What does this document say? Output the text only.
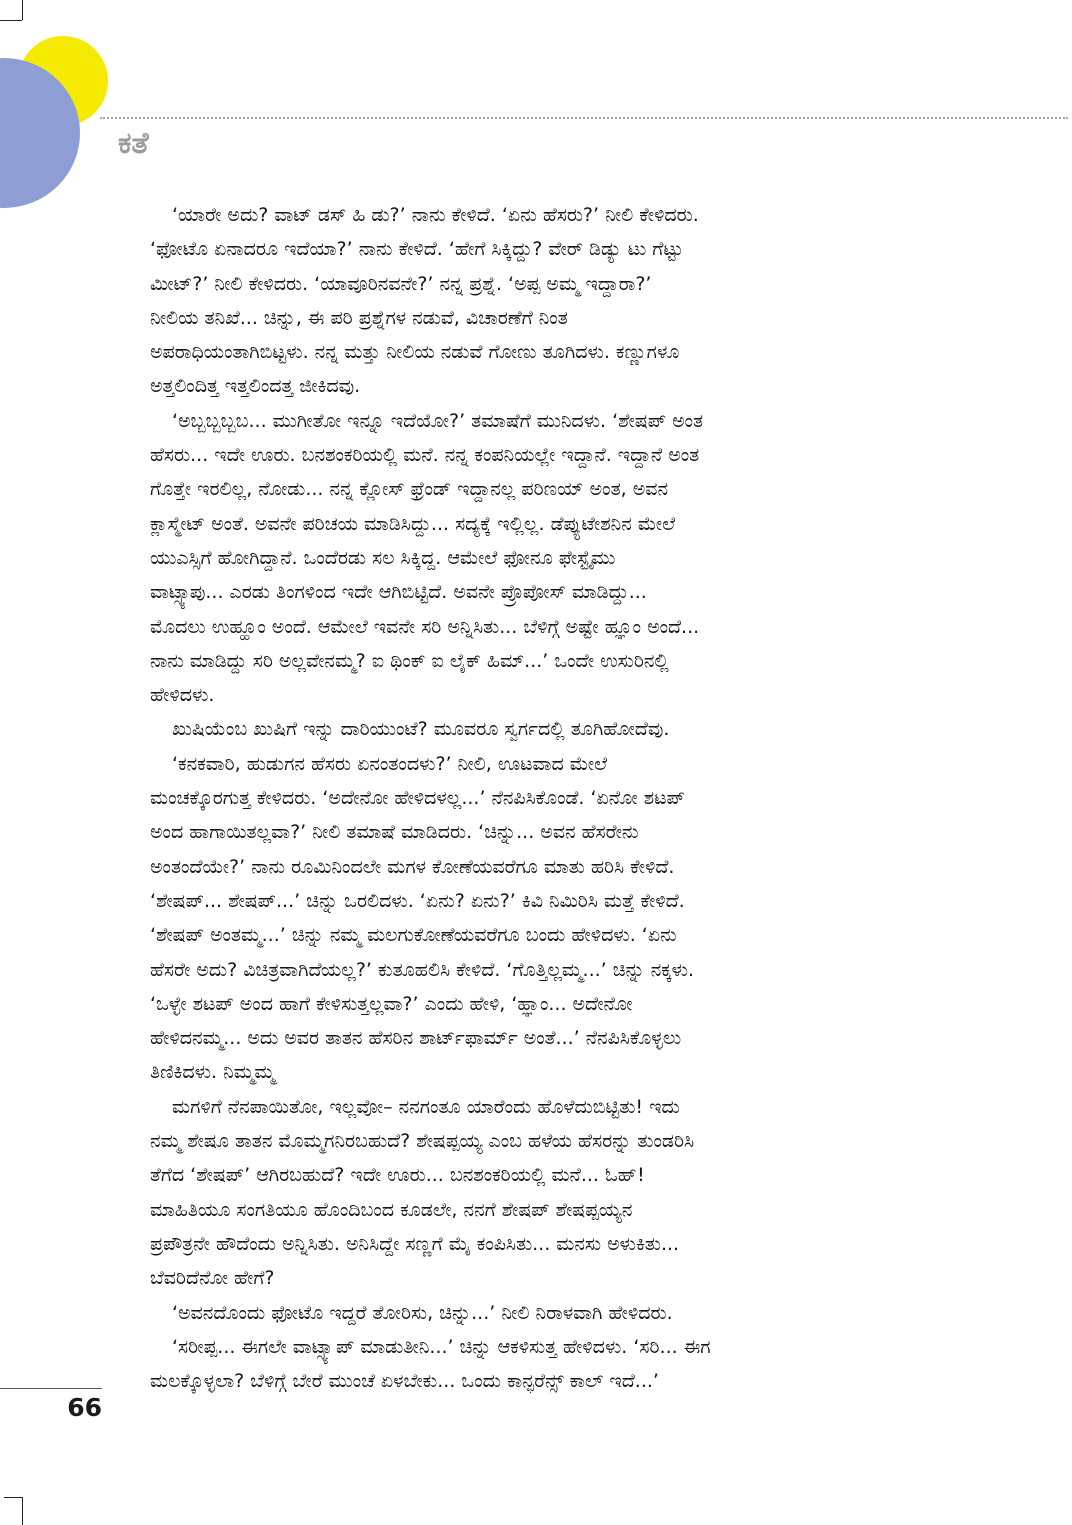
ಕತೆ
‘ಯಾರೇ ಅದು? ವಾಟ್ ಡಸ್ ಹಿ ಡು?’ ನಾನು ಕೇಳಿದೆ. ‘ಏನು ಹೆಸರು?’ ನೀಲಿ ಕೇಳಿದರು.
‘ಫೋಟೊ ಏನಾದರೂ ಇದೆಯಾ?’ ನಾನು ಕೇಳಿದೆ. ‘ಹೇಗೆ ಸಿಕ್ಕಿದ್ದು? ವೇರ್ ಡಿಡ್ಯು ಟು ಗೆಟ್ಟು
ಮೀಟ್?’ ನೀಲಿ ಕೇಳಿದರು. ‘ಯಾವೂರಿನವನೇ?’ ನನ್ನ ಪ್ರಶ್ನೆ. ‘ಅಪ್ಪ ಅಮ್ಮ ಇದ್ದಾರಾ?’
ನೀಲಿಯ ತನಿಖೆ... ಚಿನ್ನು, ಈ ಪರಿ ಪ್ರಶ್ನೆಗಳ ನಡುವೆ, ವಿಚಾರಣೆಗೆ ನಿಂತ
ಅಪರಾಧಿಯಂತಾಗಿಬಿಟ್ಟಳು. ನನ್ನ ಮತ್ತು ನೀಲಿಯ ನಡುವೆ ಗೋಣು ತೂಗಿದಳು. ಕಣ್ಣುಗಳೂ
ಅತ್ತಲಿಂದಿತ್ತ ಇತ್ತಲಿಂದತ್ತ ಜೀಕಿದವು.
‘ಅಬ್ಬಬ್ಬಬ್ಬಬ... ಮುಗೀತೋ ಇನ್ನೂ ಇದೆಯೋ?’ ತಮಾಷೆಗೆ ಮುನಿದಳು. ‘ಶೇಷಪ್ ಅಂತ
ಹೆಸರು... ಇದೇ ಊರು. ಬನಶಂಕರಿಯಲ್ಲಿ ಮನೆ. ನನ್ನ ಕಂಪನಿಯಲ್ಲೇ ಇದ್ದಾನೆ. ಇದ್ದಾನೆ ಅಂತ
ಗೊತ್ತೇ ಇರಲಿಲ್ಲ, ನೋಡು... ನನ್ನ ಕ್ಲೋಸ್ ಫ್ರೆಂಡ್ ಇದ್ದಾನಲ್ಲ ಪರಿಣಯ್ ಅಂತ, ಅವನ
ಕ್ಲಾಸ್ಮೇಟ್ ಅಂತೆ. ಅವನೇ ಪರಿಚಯ ಮಾಡಿಸಿದ್ದು... ಸದ್ಯಕ್ಕೆ ಇಲ್ಲಿಲ್ಲ. ಡೆಪ್ಯುಟೇಶನಿನ ಮೇಲೆ
ಯುಎಸ್ಸಿಗೆ ಹೋಗಿದ್ದಾನೆ. ಒಂದೆರಡು ಸಲ ಸಿಕ್ಕಿದ್ದ. ಆಮೇಲೆ ಫೋನೂ ಫೇಸ್ಟೈಮು
ವಾಟ್ಸ್ಯಾಪು... ಎರಡು ತಿಂಗಳಿಂದ ಇದೇ ಆಗಿಬಿಟ್ಟಿದೆ. ಅವನೇ ಪ್ರೊಪೋಸ್ ಮಾಡಿದ್ದು...
ಮೊದಲು ಉಹ್ಹೂಂ ಅಂದೆ. ಆಮೇಲೆ ಇವನೇ ಸರಿ ಅನ್ನಿಸಿತು... ಬೆಳಿಗ್ಗೆ ಅಷ್ಟೇ ಹ್ಞೂಂ ಅಂದೆ...
ನಾನು ಮಾಡಿದ್ದು ಸರಿ ಅಲ್ಲವೇನಮ್ಮ? ಐ ಥಿಂಕ್ ಐ ಲೈಕ್ ಹಿಮ್...’ ಒಂದೇ ಉಸುರಿನಲ್ಲಿ
ಹೇಳಿದಳು.
ಖುಷಿಯೆಂಬ ಖುಷಿಗೆ ಇನ್ನು ದಾರಿಯುಂಟೆ? ಮೂವರೂ ಸ್ವರ್ಗದಲ್ಲಿ ತೂಗಿಹೋದೆವು.
‘ಕನಕವಾರಿ, ಹುಡುಗನ ಹೆಸರು ಏನಂತಂದಳು?’ ನೀಲಿ, ಊಟವಾದ ಮೇಲೆ
ಮಂಚಕ್ಕೊರಗುತ್ತ ಕೇಳಿದರು. ‘ಅದೇನೋ ಹೇಳಿದಳಲ್ಲ...’ ನೆನಪಿಸಿಕೊಂಡೆ. ‘ಏನೋ ಶಟಪ್
ಅಂದ ಹಾಗಾಯಿತಲ್ಲವಾ?’ ನೀಲಿ ತಮಾಷೆ ಮಾಡಿದರು. ‘ಚಿನ್ನು... ಅವನ ಹೆಸರೇನು
ಅಂತಂದೆಯೇ?’ ನಾನು ರೂಮಿನಿಂದಲೇ ಮಗಳ ಕೋಣೆಯವರೆಗೂ ಮಾತು ಹರಿಸಿ ಕೇಳಿದೆ.
‘ಶೇಷಪ್... ಶೇಷಪ್...’ ಚಿನ್ನು ಒರಲಿದಳು. ‘ಏನು? ಏನು?’ ಕಿವಿ ನಿಮಿರಿಸಿ ಮತ್ತೆ ಕೇಳಿದೆ.
‘ಶೇಷಪ್ ಅಂತಮ್ಮ...’ ಚಿನ್ನು ನಮ್ಮ ಮಲಗುಕೋಣೆಯವರೆಗೂ ಬಂದು ಹೇಳಿದಳು. ‘ಏನು
ಹೆಸರೇ ಅದು? ವಿಚಿತ್ರವಾಗಿದೆಯಲ್ಲ?’ ಕುತೂಹಲಿಸಿ ಕೇಳಿದೆ. ‘ಗೊತ್ತಿಲ್ಲಮ್ಮ...’ ಚಿನ್ನು ನಕ್ಕಳು.
‘ಒಳ್ಳೇ ಶಟಪ್ ಅಂದ ಹಾಗೆ ಕೇಳಿಸುತ್ತಲ್ಲವಾ?’ ಎಂದು ಹೇಳಿ, ‘ಹ್ಞಾಂ... ಅದೇನೋ
ಹೇಳಿದನಮ್ಮ... ಅದು ಅವರ ತಾತನ ಹೆಸರಿನ ಶಾರ್ಟ್‌ಫಾರ್ಮ್ ಅಂತೆ...’ ನೆನಪಿಸಿಕೊಳ್ಳಲು
ತಿಣಿಕಿದಳು. ನಿಮ್ಮಮ್ಮ
ಮಗಳಿಗೆ ನೆನಪಾಯಿತೋ, ಇಲ್ಲವೋ– ನನಗಂತೂ ಯಾರೆಂದು ಹೊಳೆದುಬಿಟ್ಟಿತು! ಇದು
ನಮ್ಮ ಶೇಷೂ ತಾತನ ಮೊಮ್ಮಗನಿರಬಹುದೆ? ಶೇಷಪ್ಪಯ್ಯ ಎಂಬ ಹಳೆಯ ಹೆಸರನ್ನು ತುಂಡರಿಸಿ
ತೆಗೆದ ‘ಶೇಷಪ್’ ಆಗಿರಬಹುದೆ? ಇದೇ ಊರು... ಬನಶಂಕರಿಯಲ್ಲಿ ಮನೆ... ಓಹ್!
ಮಾಹಿತಿಯೂ ಸಂಗತಿಯೂ ಹೊಂದಿಬಂದ ಕೂಡಲೇ, ನನಗೆ ಶೇಷಪ್ ಶೇಷಪ್ಪಯ್ಯನ
ಪ್ರಪೌತ್ರನೇ ಹೌದೆಂದು ಅನ್ನಿಸಿತು. ಅನಿಸಿದ್ದೇ ಸಣ್ಣಗೆ ಮೈ ಕಂಪಿಸಿತು... ಮನಸು ಅಳುಕಿತು...
ಬೆವರಿದೆನೋ ಹೇಗೆ?
‘ಅವನದೊಂದು ಫೋಟೊ ಇದ್ದರೆ ತೋರಿಸು, ಚಿನ್ನು...’ ನೀಲಿ ನಿರಾಳವಾಗಿ ಹೇಳಿದರು.
‘ಸರೀಪ್ಪ... ಈಗಲೇ ವಾಟ್ಸ್ಯಾಪ್ ಮಾಡುತೀನಿ...’ ಚಿನ್ನು ಆಕಳಿಸುತ್ತ ಹೇಳಿದಳು. ‘ಸರಿ... ಈಗ
ಮಲಕ್ಕೊಳ್ಳಲಾ? ಬೆಳಿಗ್ಗೆ ಬೇರೆ ಮುಂಚೆ ಏಳಬೇಕು... ಒಂದು ಕಾನ್ಫರೆನ್ಸ್ ಕಾಲ್ ಇದೆ...’
66
